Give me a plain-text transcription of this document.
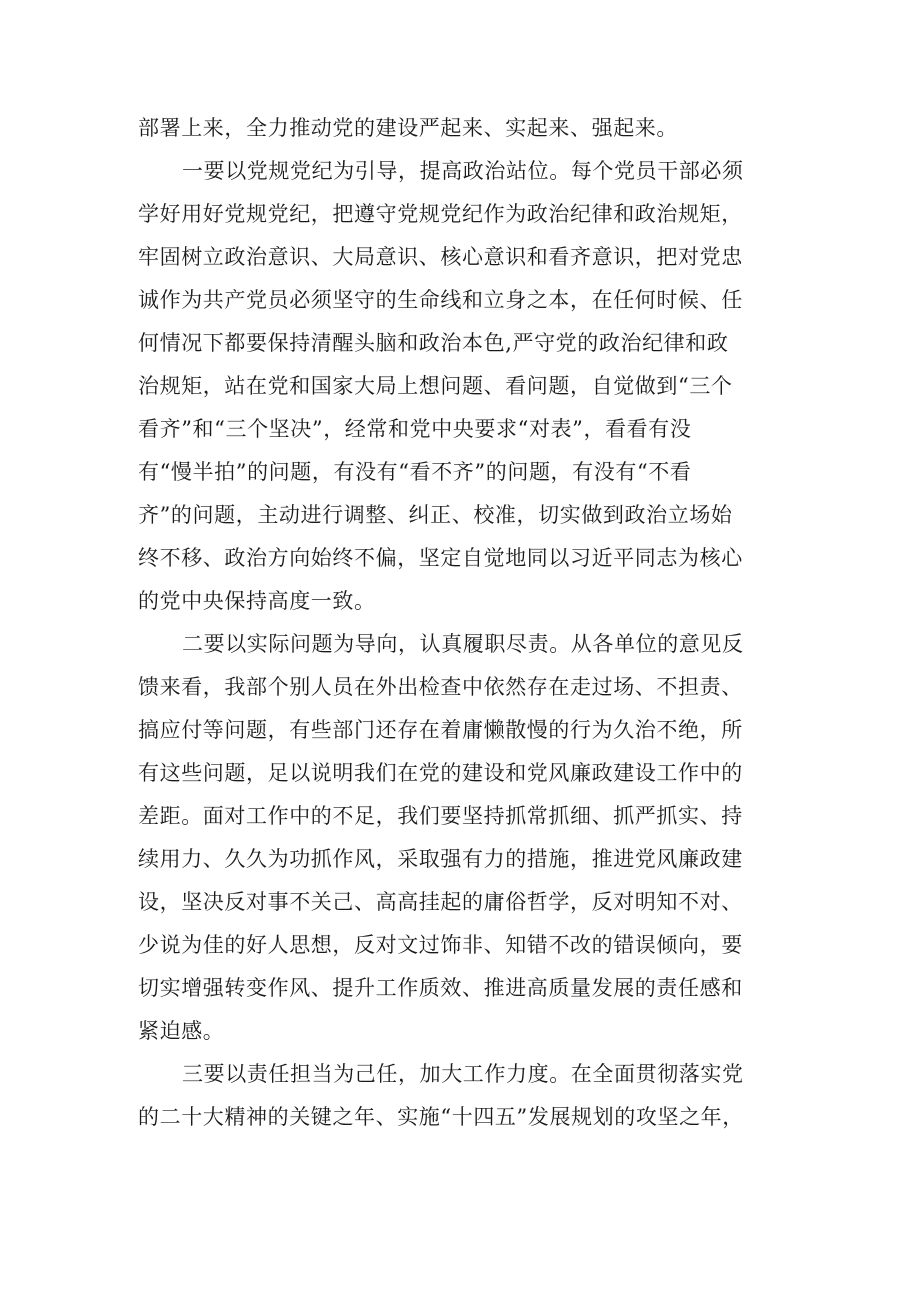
部署上来，全力推动党的建设严起来、实起来、强起来。
一要以党规党纪为引导，提高政治站位。每个党员干部必须
学好用好党规党纪，把遵守党规党纪作为政治纪律和政治规矩，
牢固树立政治意识、大局意识、核心意识和看齐意识，把对党忠
诚作为共产党员必须坚守的生命线和立身之本，在任何时候、任
何情况下都要保持清醒头脑和政治本色,严守党的政治纪律和政
治规矩，站在党和国家大局上想问题、看问题，自觉做到“三个
看齐”和“三个坚决”，经常和党中央要求“对表”，看看有没
有“慢半拍”的问题，有没有“看不齐”的问题，有没有“不看
齐”的问题，主动进行调整、纠正、校准，切实做到政治立场始
终不移、政治方向始终不偏，坚定自觉地同以习近平同志为核心
的党中央保持高度一致。
二要以实际问题为导向，认真履职尽责。从各单位的意见反
馈来看，我部个别人员在外出检查中依然存在走过场、不担责、
搞应付等问题，有些部门还存在着庸懒散慢的行为久治不绝，所
有这些问题，足以说明我们在党的建设和党风廉政建设工作中的
差距。面对工作中的不足，我们要坚持抓常抓细、抓严抓实、持
续用力、久久为功抓作风，采取强有力的措施，推进党风廉政建
设，坚决反对事不关己、高高挂起的庸俗哲学，反对明知不对、
少说为佳的好人思想，反对文过饰非、知错不改的错误倾向，要
切实增强转变作风、提升工作质效、推进高质量发展的责任感和
紧迫感。
三要以责任担当为己任，加大工作力度。在全面贯彻落实党
的二十大精神的关键之年、实施“十四五”发展规划的攻坚之年，
